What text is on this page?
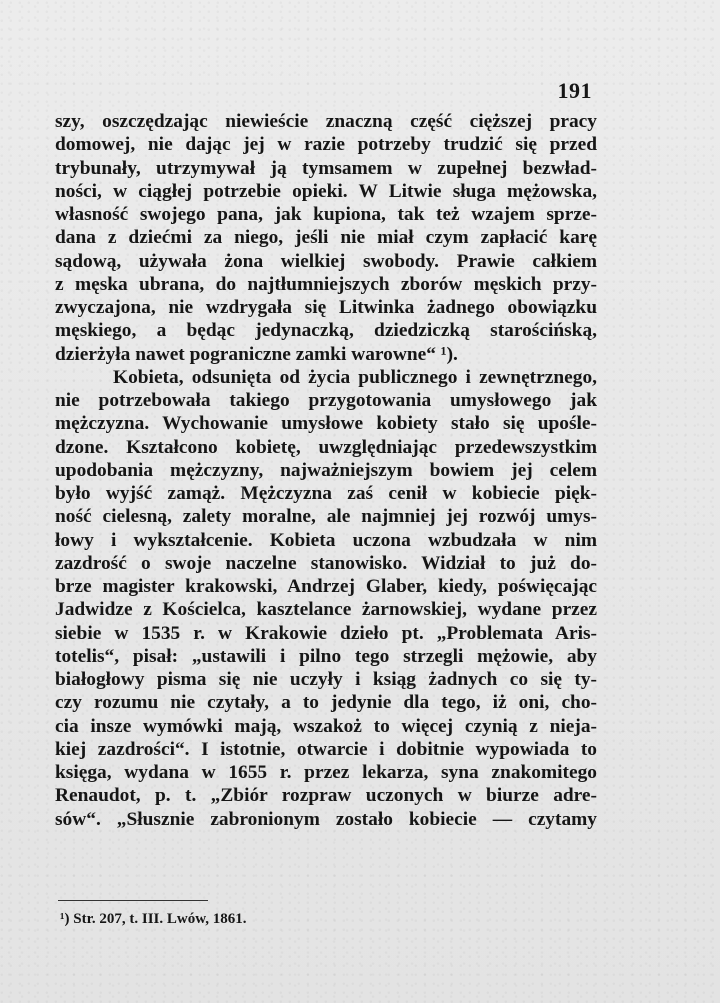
191
szy, oszczędzając niewieście znaczną część cięższej pracy
domowej, nie dając jej w razie potrzeby trudzić się przed
trybunały, utrzymywał ją tymsamem w zupełnej bezwład-
ności, w ciągłej potrzebie opieki. W Litwie sługa mężowska,
własność swojego pana, jak kupiona, tak też wzajem sprze-
dana z dziećmi za niego, jeśli nie miał czym zapłacić karę
sądową, używała żona wielkiej swobody. Prawie całkiem
z męska ubrana, do najtłumniejszych zborów męskich przy-
zwyczajona, nie wzdrygała się Litwinka żadnego obowiązku
męskiego, a będąc jedynaczką, dziedziczką starościńską,
dzierżyła nawet pograniczne zamki warowne“ ¹).
Kobieta, odsunięta od życia publicznego i zewnętrznego,
nie potrzebowała takiego przygotowania umysłowego jak
mężczyzna. Wychowanie umysłowe kobiety stało się upośle-
dzone. Kształcono kobietę, uwzględniając przedewszystkim
upodobania mężczyzny, najważniejszym bowiem jej celem
było wyjść zamąż. Mężczyzna zaś cenił w kobiecie pięk-
ność cielesną, zalety moralne, ale najmniej jej rozwój umys-
łowy i wykształcenie. Kobieta uczona wzbudzała w nim
zazdrość o swoje naczelne stanowisko. Widział to już do-
brze magister krakowski, Andrzej Glaber, kiedy, poświęcając
Jadwidze z Kościelca, kasztelance żarnowskiej, wydane przez
siebie w 1535 r. w Krakowie dzieło pt. „Problemata Aris-
totelis“, pisał: „ustawili i pilno tego strzegli mężowie, aby
białogłowy pisma się nie uczyły i ksiąg żadnych co się ty-
czy rozumu nie czytały, a to jedynie dla tego, iż oni, cho-
cia insze wymówki mają, wszakoż to więcej czynią z nieja-
kiej zazdrości“. I istotnie, otwarcie i dobitnie wypowiada to
księga, wydana w 1655 r. przez lekarza, syna znakomitego
Renaudot, p. t. „Zbiór rozpraw uczonych w biurze adre-
sów“. „Słusznie zabronionym zostało kobiecie — czytamy
¹) Str. 207, t. III. Lwów, 1861.
